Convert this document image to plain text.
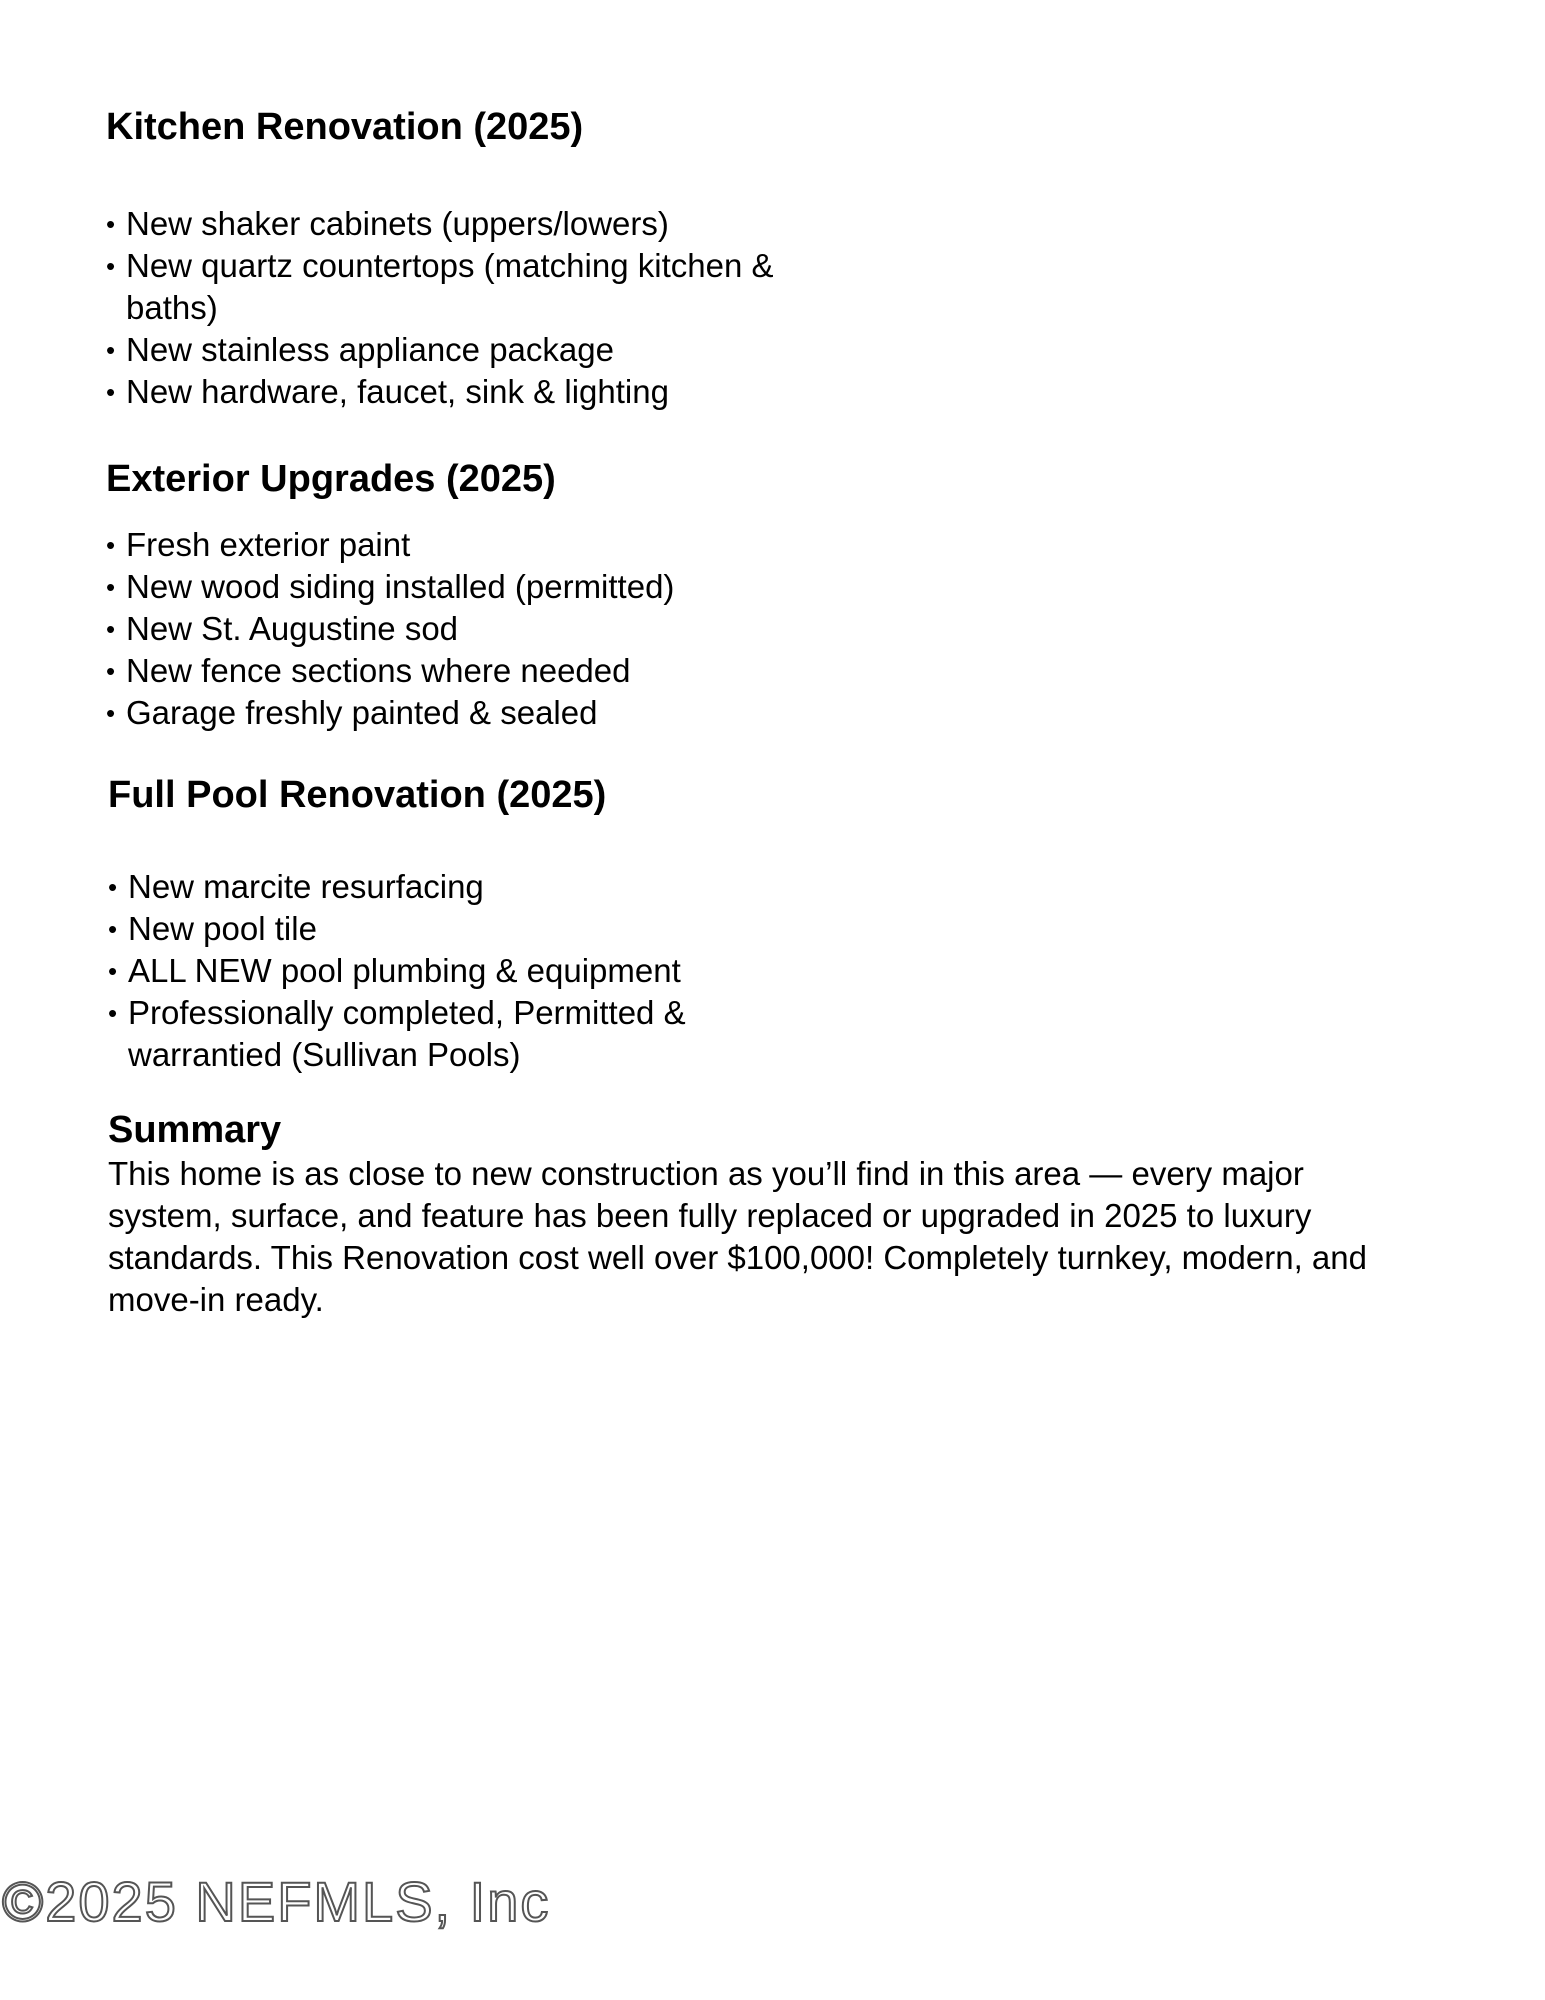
Kitchen Renovation (2025)
• New shaker cabinets (uppers/lowers)
• New quartz countertops (matching kitchen & baths)
• New stainless appliance package
• New hardware, faucet, sink & lighting
Exterior Upgrades (2025)
• Fresh exterior paint
• New wood siding installed (permitted)
• New St. Augustine sod
• New fence sections where needed
• Garage freshly painted & sealed
Full Pool Renovation (2025)
• New marcite resurfacing
• New pool tile
• ALL NEW pool plumbing & equipment
• Professionally completed, Permitted & warrantied (Sullivan Pools)
Summary

This home is as close to new construction as you’ll find in this area — every major system, surface, and feature has been fully replaced or upgraded in 2025 to luxury standards. This Renovation cost well over $100,000! Completely turnkey, modern, and move-in ready.

©2025 NEFMLS, Inc
